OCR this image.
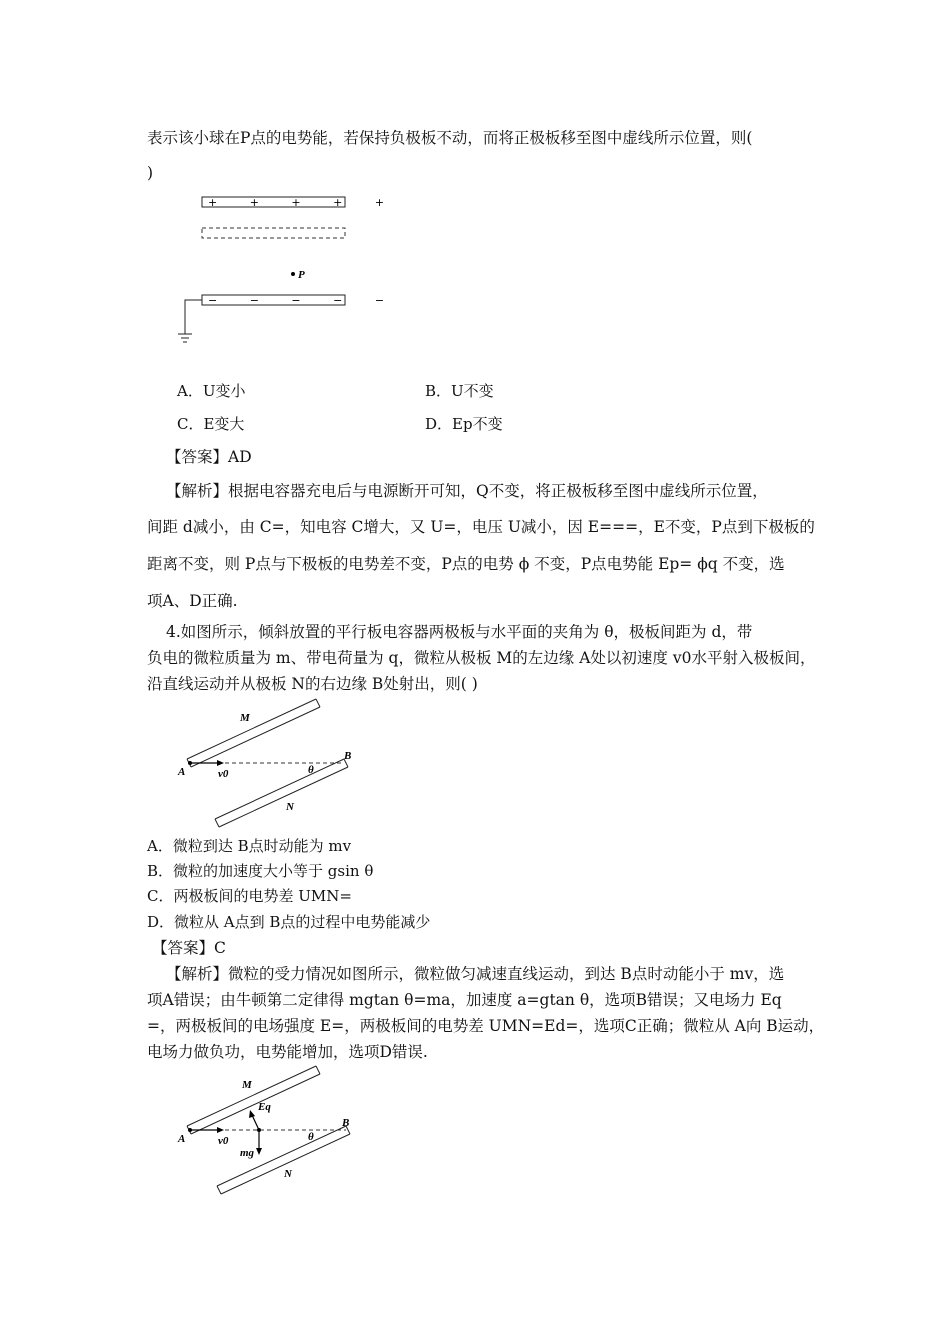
表示该小球在P点的电势能，若保持负极板不动，而将正极板移至图中虚线所示位置，则(
)
+ + + + +
P
− − − − −
A．U变小	B．U不变
C．E变大	D．Ep不变
【答案】AD
【解析】根据电容器充电后与电源断开可知，Q不变，将正极板移至图中虚线所示位置，
间距 d减小，由 C=，知电容 C增大，又 U=，电压 U减小，因 E===，E不变，P点到下极板的
距离不变，则 P点与下极板的电势差不变，P点的电势 ϕ 不变，P点电势能 Ep= ϕq 不变，选
项A、D正确.
4.如图所示，倾斜放置的平行板电容器两极板与水平面的夹角为 θ，极板间距为 d，带
负电的微粒质量为 m、带电荷量为 q，微粒从极板 M的左边缘 A处以初速度 v0水平射入极板间，
沿直线运动并从极板 N的右边缘 B处射出，则( )
M
N
A
B
v0	θ
A．微粒到达 B点时动能为 mv
B．微粒的加速度大小等于 gsin θ
C．两极板间的电势差 UMN=
D．微粒从 A点到 B点的过程中电势能减少
【答案】C
【解析】微粒的受力情况如图所示，微粒做匀减速直线运动，到达 B点时动能小于 mv，选
项A错误；由牛顿第二定律得 mgtan θ=ma，加速度 a=gtan θ，选项B错误；又电场力 Eq
=，两极板间的电场强度 E=，两极板间的电势差 UMN=Ed=，选项C正确；微粒从 A向 B运动，
电场力做负功，电势能增加，选项D错误.
M
N
A
B
v0	θ
Eq
mg
